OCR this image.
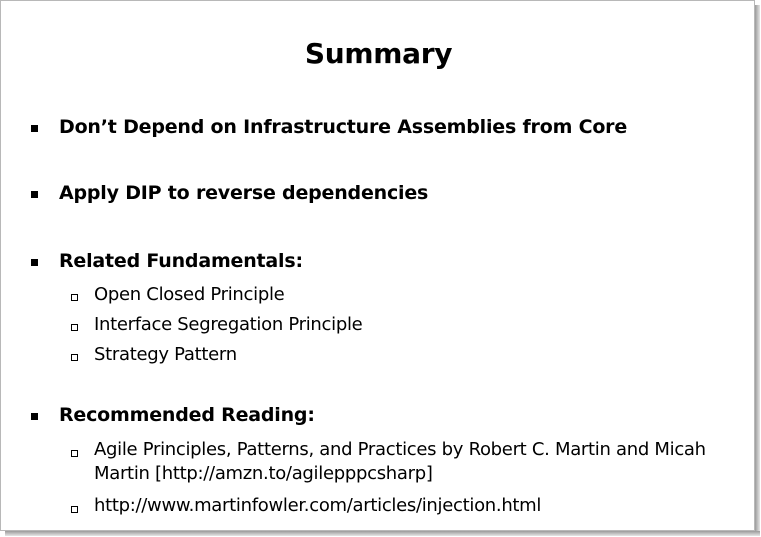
Summary
Don’t Depend on Infrastructure Assemblies from Core
Apply DIP to reverse dependencies
Related Fundamentals:
Open Closed Principle
Interface Segregation Principle
Strategy Pattern
Recommended Reading:
Agile Principles, Patterns, and Practices by Robert C. Martin and Micah
Martin [http://amzn.to/agilepppcsharp]
http://www.martinfowler.com/articles/injection.html
